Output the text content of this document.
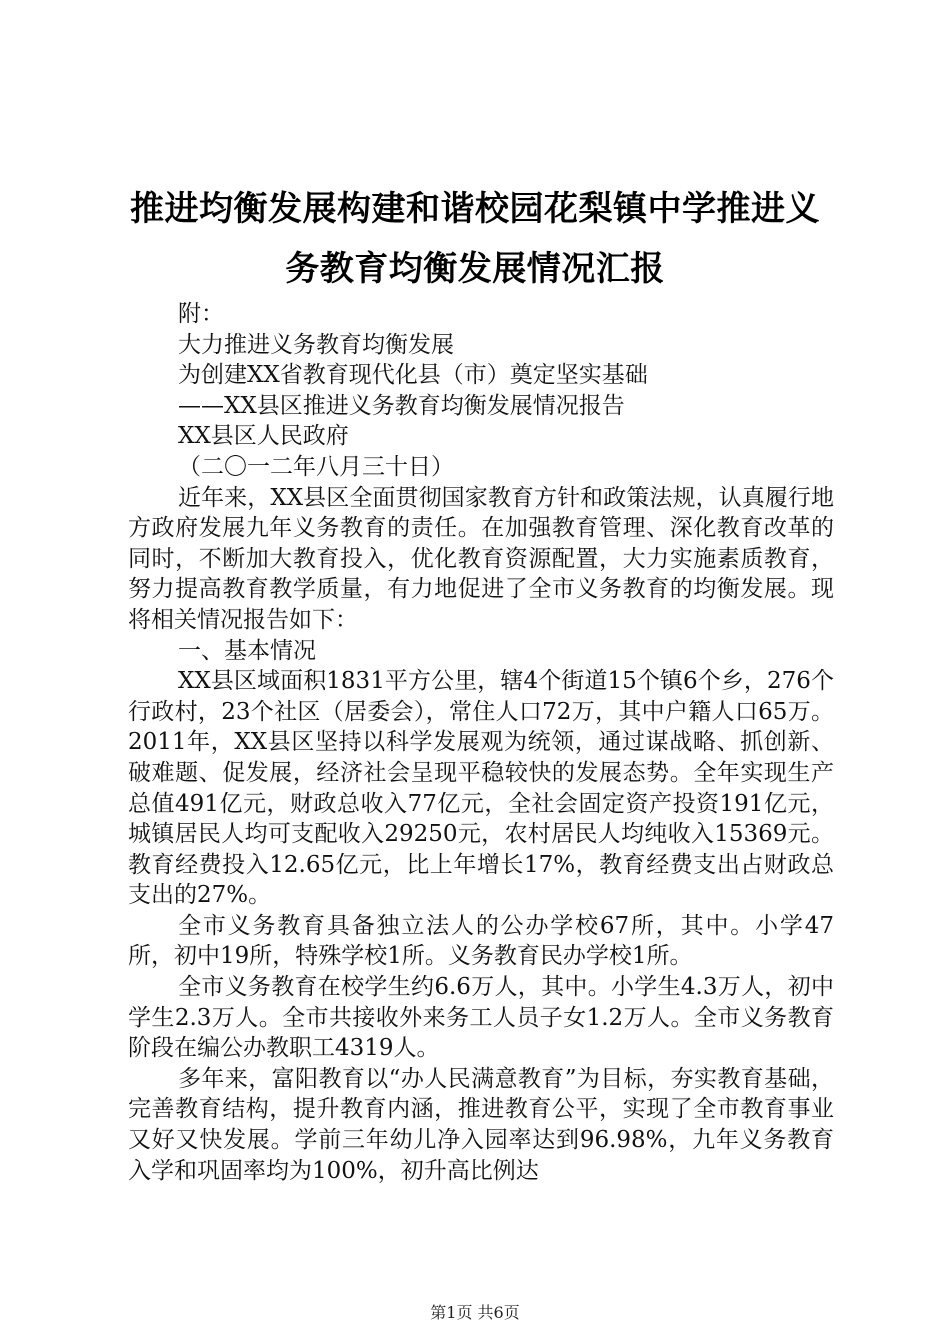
推进均衡发展构建和谐校园花梨镇中学推进义
务教育均衡发展情况汇报

附：

大力推进义务教育均衡发展

为创建XX省教育现代化县（市）奠定坚实基础

——XX县区推进义务教育均衡发展情况报告

XX县区人民政府

（二〇一二年八月三十日）

近年来，XX县区全面贯彻国家教育方针和政策法规，认真履行地方政府发展九年义务教育的责任。在加强教育管理、深化教育改革的同时，不断加大教育投入，优化教育资源配置，大力实施素质教育，努力提高教育教学质量，有力地促进了全市义务教育的均衡发展。现将相关情况报告如下：

一、基本情况

XX县区域面积1831平方公里，辖4个街道15个镇6个乡，276个行政村，23个社区（居委会），常住人口72万，其中户籍人口65万。2011年，XX县区坚持以科学发展观为统领，通过谋战略、抓创新、破难题、促发展，经济社会呈现平稳较快的发展态势。全年实现生产总值491亿元，财政总收入77亿元，全社会固定资产投资191亿元，城镇居民人均可支配收入29250元，农村居民人均纯收入15369元。教育经费投入12.65亿元，比上年增长17%，教育经费支出占财政总支出的27%。

全市义务教育具备独立法人的公办学校67所，其中。小学47所，初中19所，特殊学校1所。义务教育民办学校1所。

全市义务教育在校学生约6.6万人，其中。小学生4.3万人，初中学生2.3万人。全市共接收外来务工人员子女1.2万人。全市义务教育阶段在编公办教职工4319人。

多年来，富阳教育以“办人民满意教育”为目标，夯实教育基础，完善教育结构，提升教育内涵，推进教育公平，实现了全市教育事业又好又快发展。学前三年幼儿净入园率达到96.98%，九年义务教育入学和巩固率均为100%，初升高比例达

第1页 共6页
